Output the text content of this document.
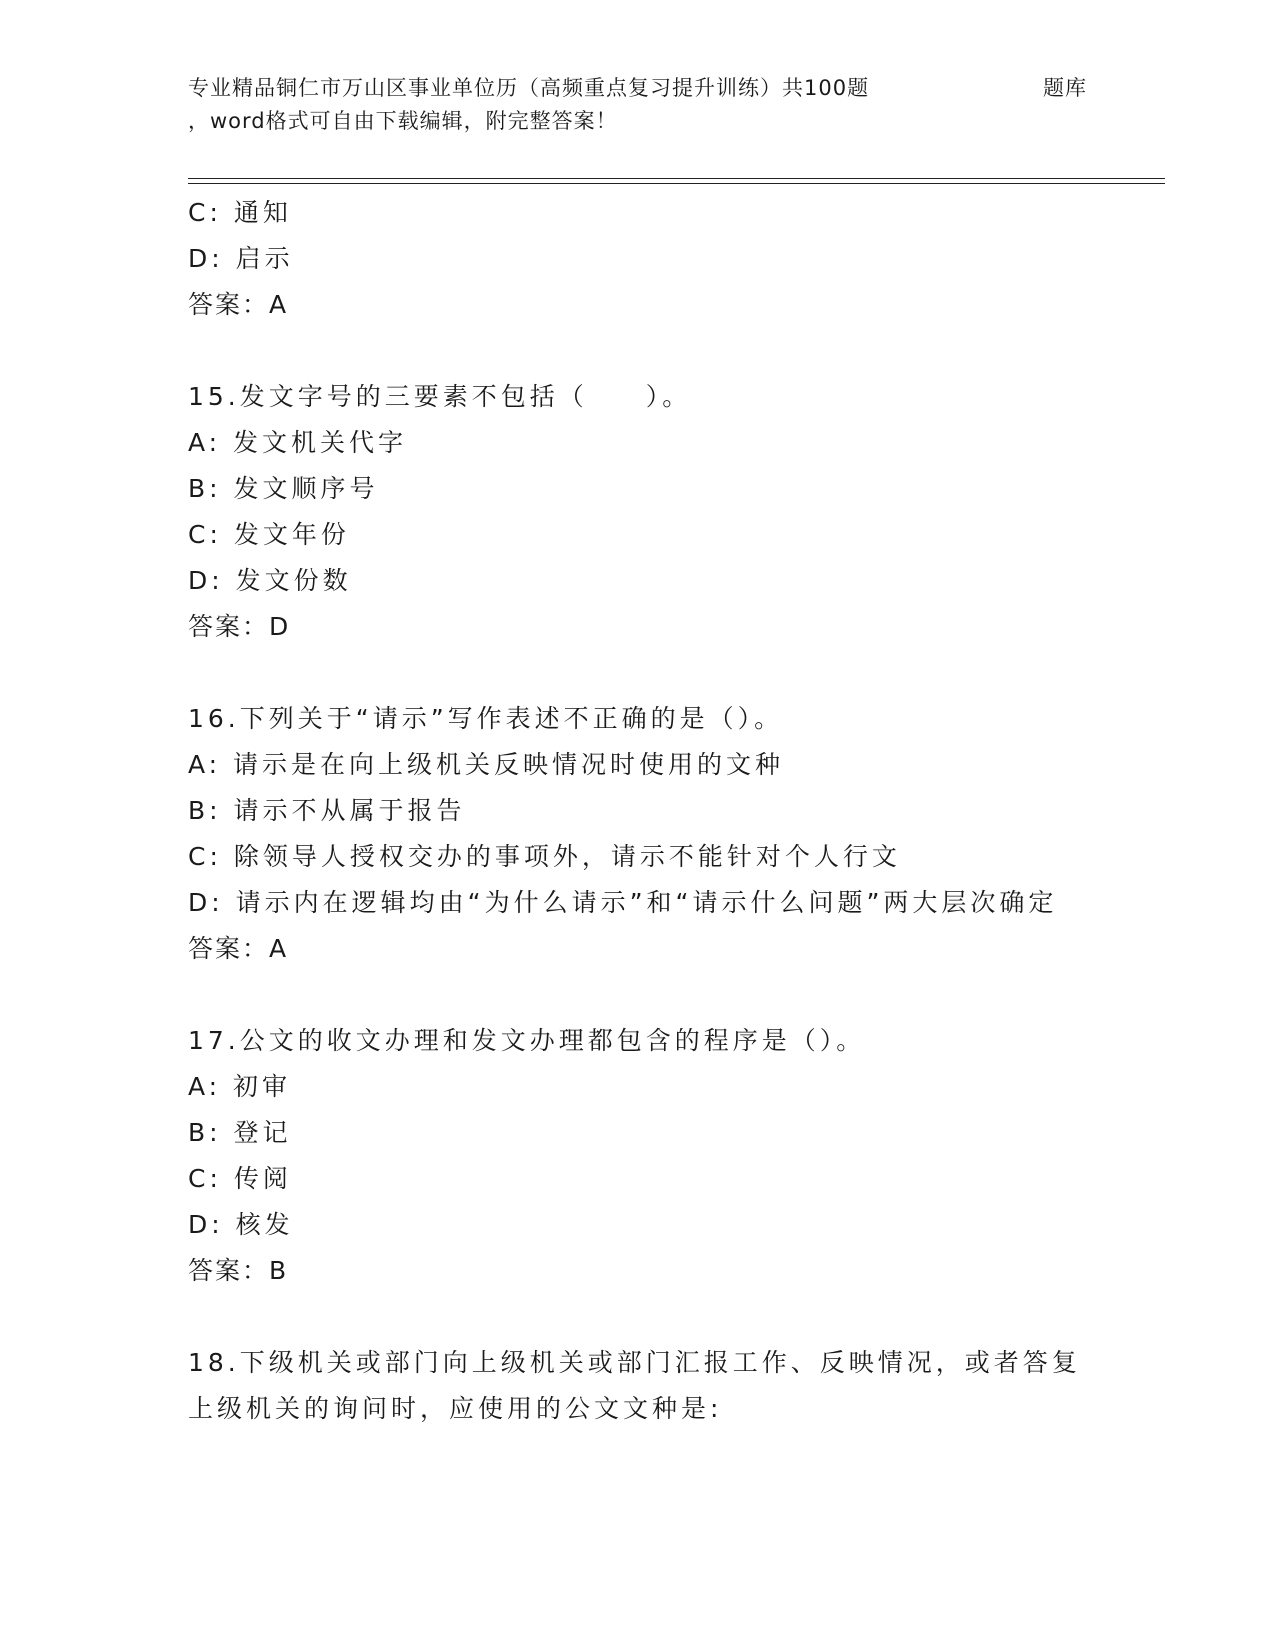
专业精品铜仁市万山区事业单位历（高频重点复习提升训练）共100题	题库
，word格式可自由下载编辑，附完整答案！
C: 通知
D: 启示
答案：A
15.发文字号的三要素不包括（　　）。
A: 发文机关代字
B: 发文顺序号
C: 发文年份
D: 发文份数
答案：D
16.下列关于“请示”写作表述不正确的是（）。
A: 请示是在向上级机关反映情况时使用的文种
B: 请示不从属于报告
C: 除领导人授权交办的事项外，请示不能针对个人行文
D: 请示内在逻辑均由“为什么请示”和“请示什么问题”两大层次确定
答案：A
17.公文的收文办理和发文办理都包含的程序是（）。
A: 初审
B: 登记
C: 传阅
D: 核发
答案：B
18.下级机关或部门向上级机关或部门汇报工作、反映情况，或者答复上级机关的询问时，应使用的公文文种是:
